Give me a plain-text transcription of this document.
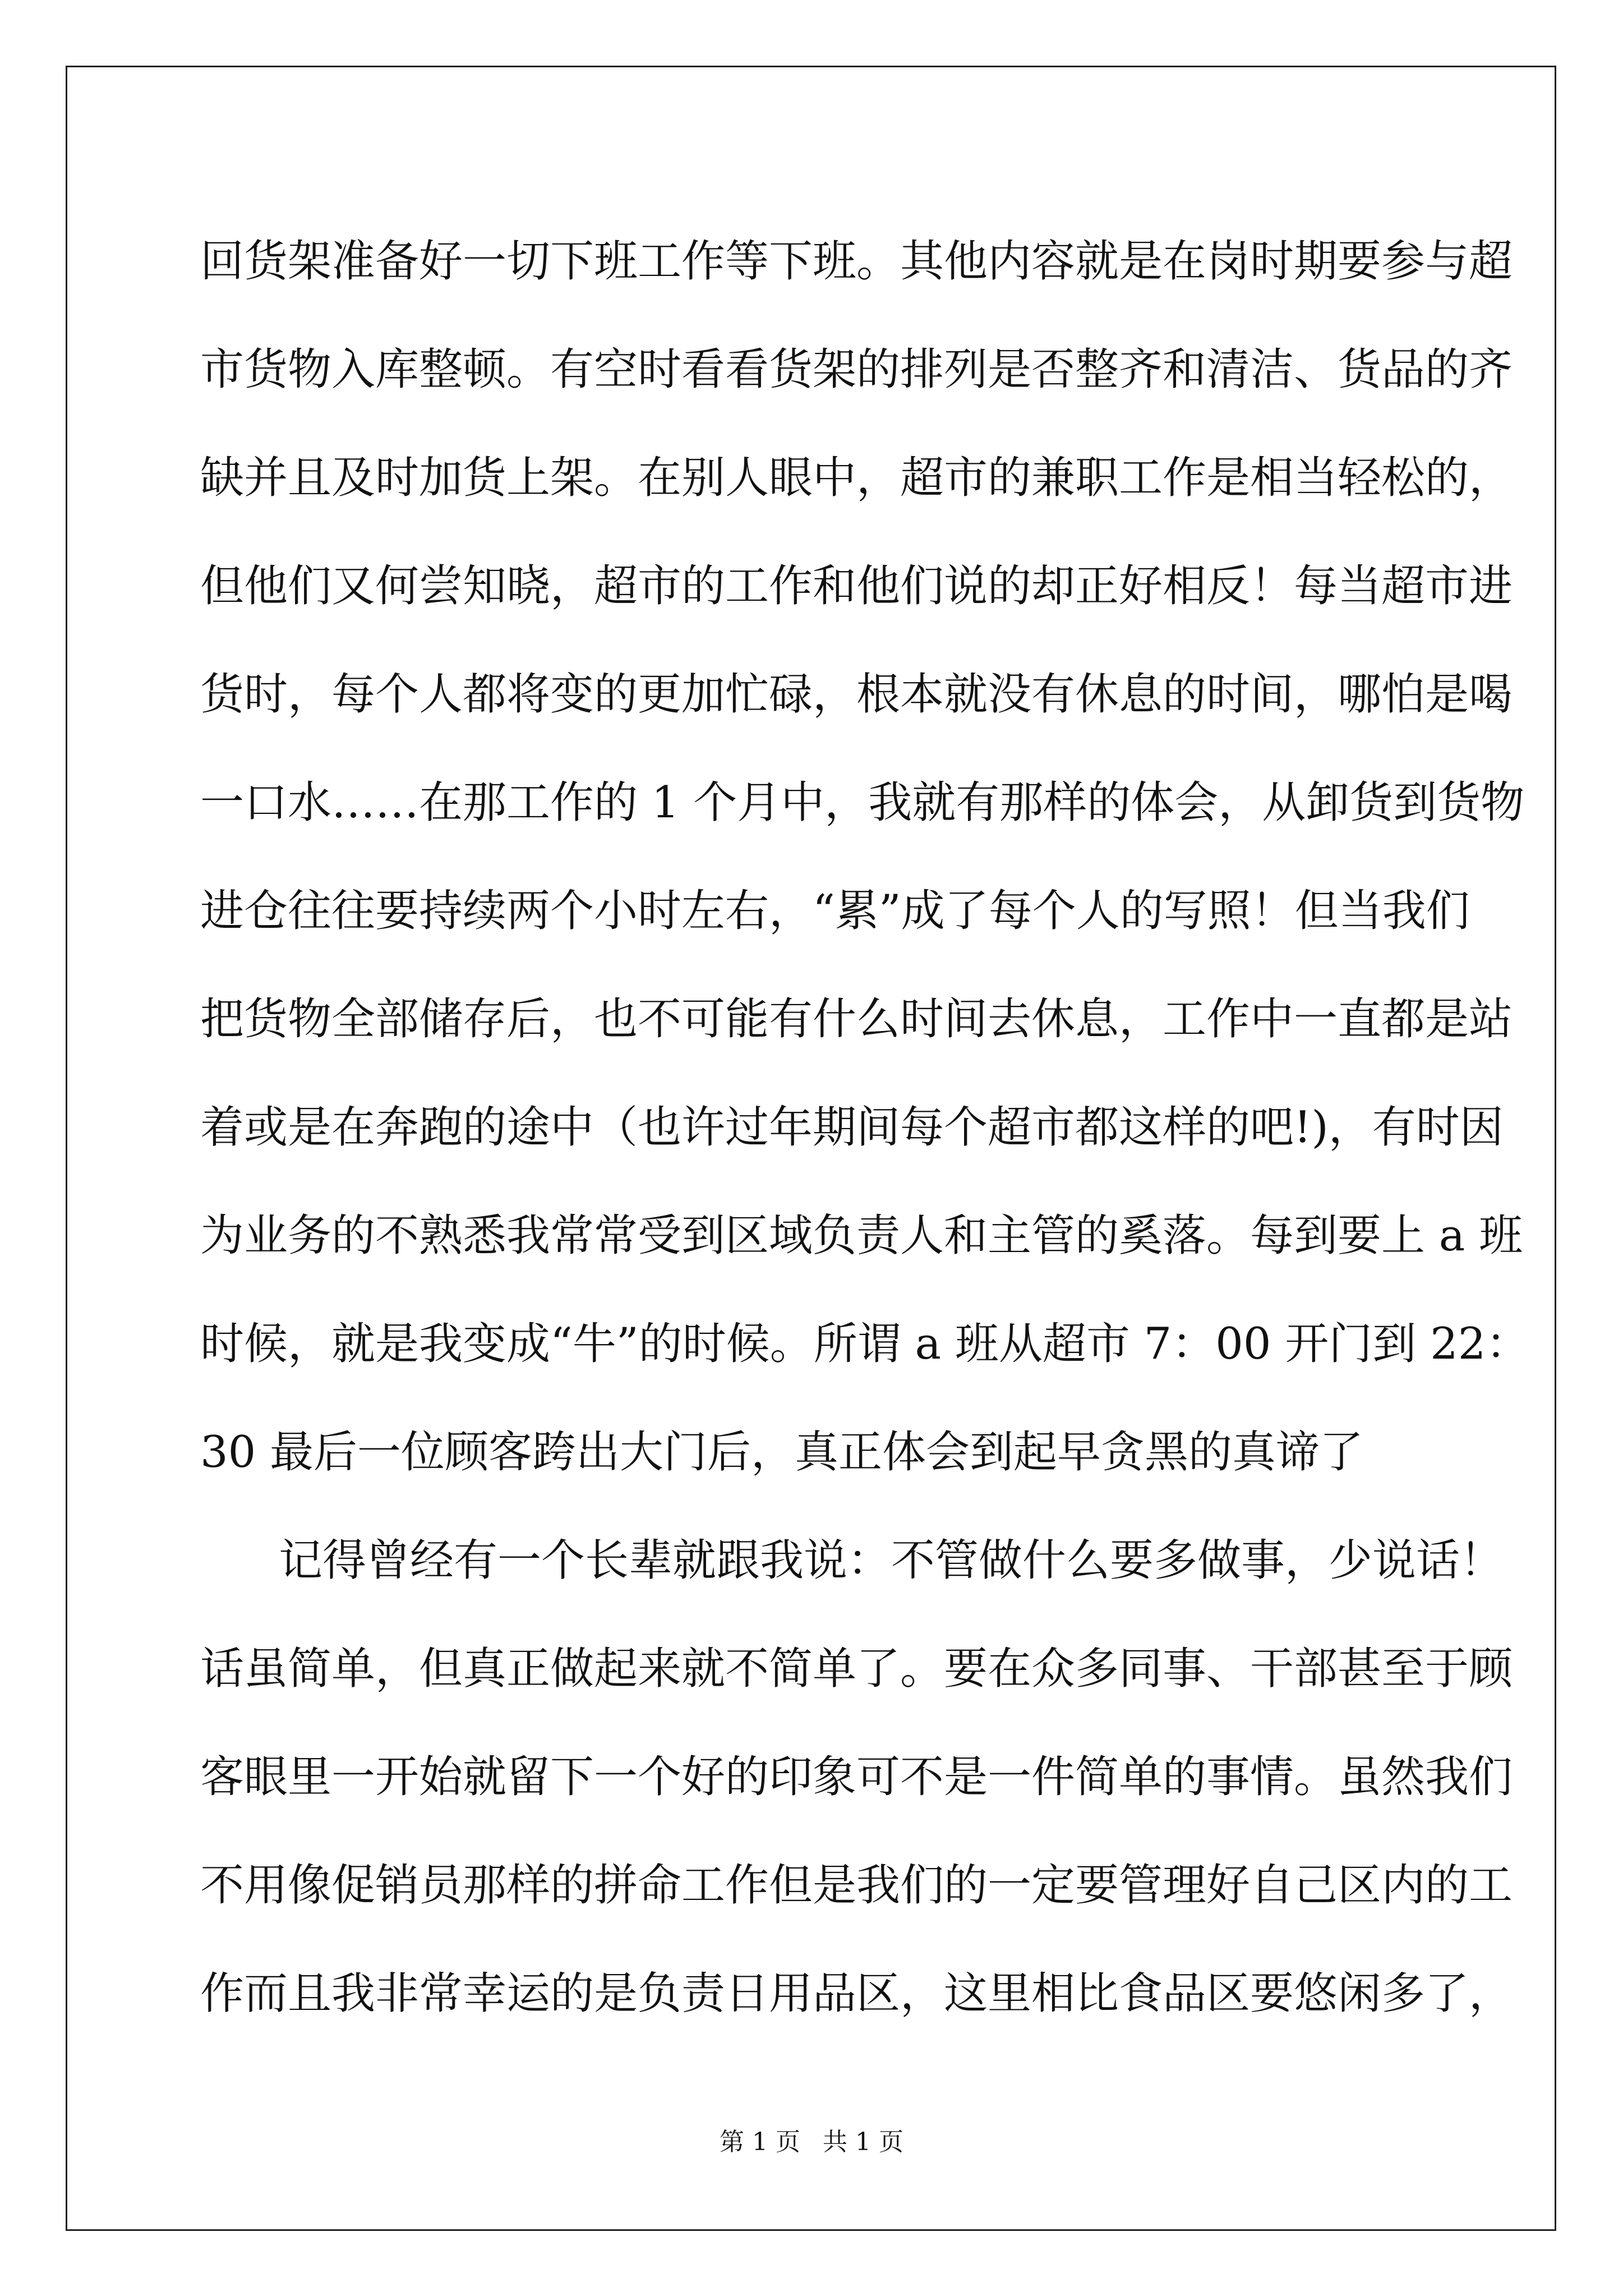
回货架准备好一切下班工作等下班。其他内容就是在岗时期要参与超
市货物入库整顿。有空时看看货架的排列是否整齐和清洁、货品的齐
缺并且及时加货上架。在别人眼中，超市的兼职工作是相当轻松的，
但他们又何尝知晓，超市的工作和他们说的却正好相反！每当超市进
货时，每个人都将变的更加忙碌，根本就没有休息的时间，哪怕是喝
一口水……在那工作的 1 个月中，我就有那样的体会，从卸货到货物
进仓往往要持续两个小时左右，“累”成了每个人的写照！但当我们
把货物全部储存后，也不可能有什么时间去休息，工作中一直都是站
着或是在奔跑的途中（也许过年期间每个超市都这样的吧!)，有时因
为业务的不熟悉我常常受到区域负责人和主管的奚落。每到要上 a 班
时候，就是我变成“牛”的时候。所谓 a 班从超市 7：00 开门到 22：
30 最后一位顾客跨出大门后，真正体会到起早贪黑的真谛了
记得曾经有一个长辈就跟我说：不管做什么要多做事，少说话！
话虽简单，但真正做起来就不简单了。要在众多同事、干部甚至于顾
客眼里一开始就留下一个好的印象可不是一件简单的事情。虽然我们
不用像促销员那样的拼命工作但是我们的一定要管理好自己区内的工
作而且我非常幸运的是负责日用品区，这里相比食品区要悠闲多了，
第 1 页 共 1 页
